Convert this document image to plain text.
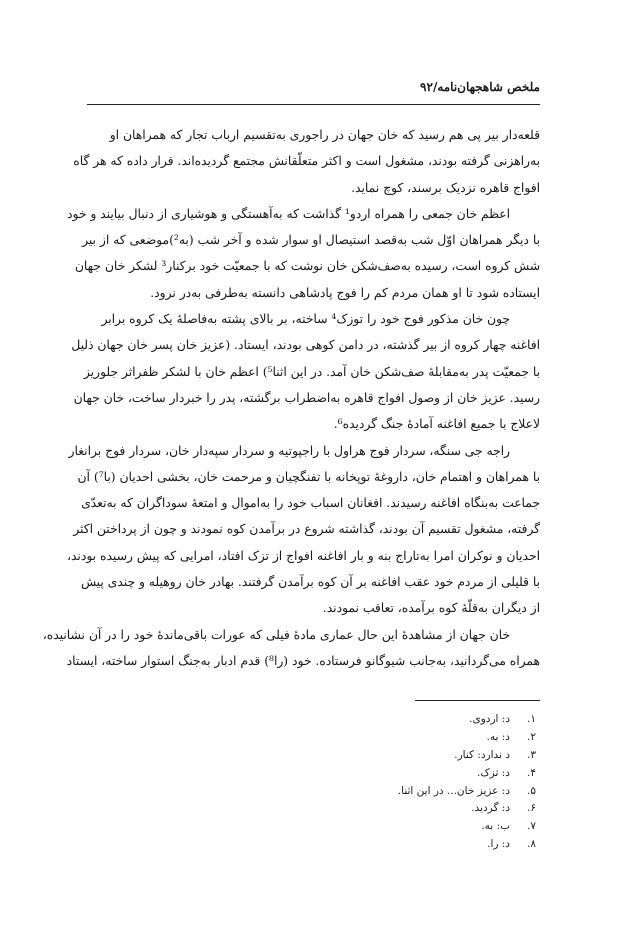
ملخص شاهجهان‌نامه/۹۲
قلعه‌دار بیر پی هم رسید که خان جهان در راجوری به‌تقسیم ارباب تجار که همراهان او
به‌راهزنی گرفته بودند، مشغول است و اکثر متعلّقانش مجتمع گردیده‌اند. قرار داده که هر گاه
افواج قاهره نزدیک برسند، کوچ نماید.
اعظم خان جمعی را همراه اردو¹ گذاشت که به‌آهستگی و هوشیاری از دنبال بیایند و خود
با دیگر همراهان اوّل شب به‌قصد استیصال او سوار شده و آخر شب (به²)موضعی که از بیر
شش کروه است، رسیده به‌صف‌شکن خان نوشت که با جمعیّت خود برکنار³ لشکر خان جهان
ایستاده شود تا او همان مردم کم را فوج پادشاهی دانسته به‌طرفی به‌در نرود.
چون خان مذکور فوج خود را توزک⁴ ساخته، بر بالای پشته به‌فاصلۀ یک کروه برابر
افاغنه چهار کروه از بیر گذشته، در دامن کوهی بودند، ایستاد. (عزیز خان پسر خان جهان ذلیل
با جمعیّت پدر به‌مقابلۀ صف‌شکن خان آمد. در این اثنا⁵) اعظم خان با لشکر ظفراثر جلوریز
رسید. عزیز خان از وصول افواج قاهره به‌اضطراب برگشته، پدر را خبردار ساخت، خان جهان
لاعلاج با جمیع افاغنه آمادۀ جنگ گردیده⁶.
راجه جی سنگه، سردار فوج هراول با راجپوتیه و سردار سپه‌دار خان، سردار فوج برانغار
با همراهان و اهتمام خان، داروغۀ توپخانه با تفنگچیان و مرحمت خان، بخشی احدیان (با⁷) آن
جماعت به‌بنگاه افاغنه رسیدند. افغانان اسباب خود را به‌اموال و امتعۀ سوداگران که به‌تعدّی
گرفته، مشغول تقسیم آن بودند، گذاشته شروع در برآمدن کوه نمودند و چون از پرداختن اکثر
احدیان و نوکران امرا به‌تاراج بنه و بار افاغنه افواج از تزک افتاد، امرایی که پیش رسیده بودند،
با قلیلی از مردم خود عقب افاغنه بر آن کوه برآمدن گرفتند. بهادر خان روهیله و چندی پیش
از دیگران به‌قلّۀ کوه برآمده، تعاقب نمودند.
خان جهان از مشاهدۀ این حال عماری مادۀ فیلی که عورات باقی‌ماندۀ خود را در آن نشانیده،
همراه می‌گردانید، به‌جانب شیوگانو فرستاده. خود (را⁸) قدم ادبار به‌جنگ استوار ساخته، ایستاد
۱.د: اردوی.
۲.د: به.
۳.د ندارد: کنار.
۴.د: تزک.
۵.د: عزیز خان... در این اثنا.
۶.د: گردید.
۷.ب: به.
۸.د: را.
